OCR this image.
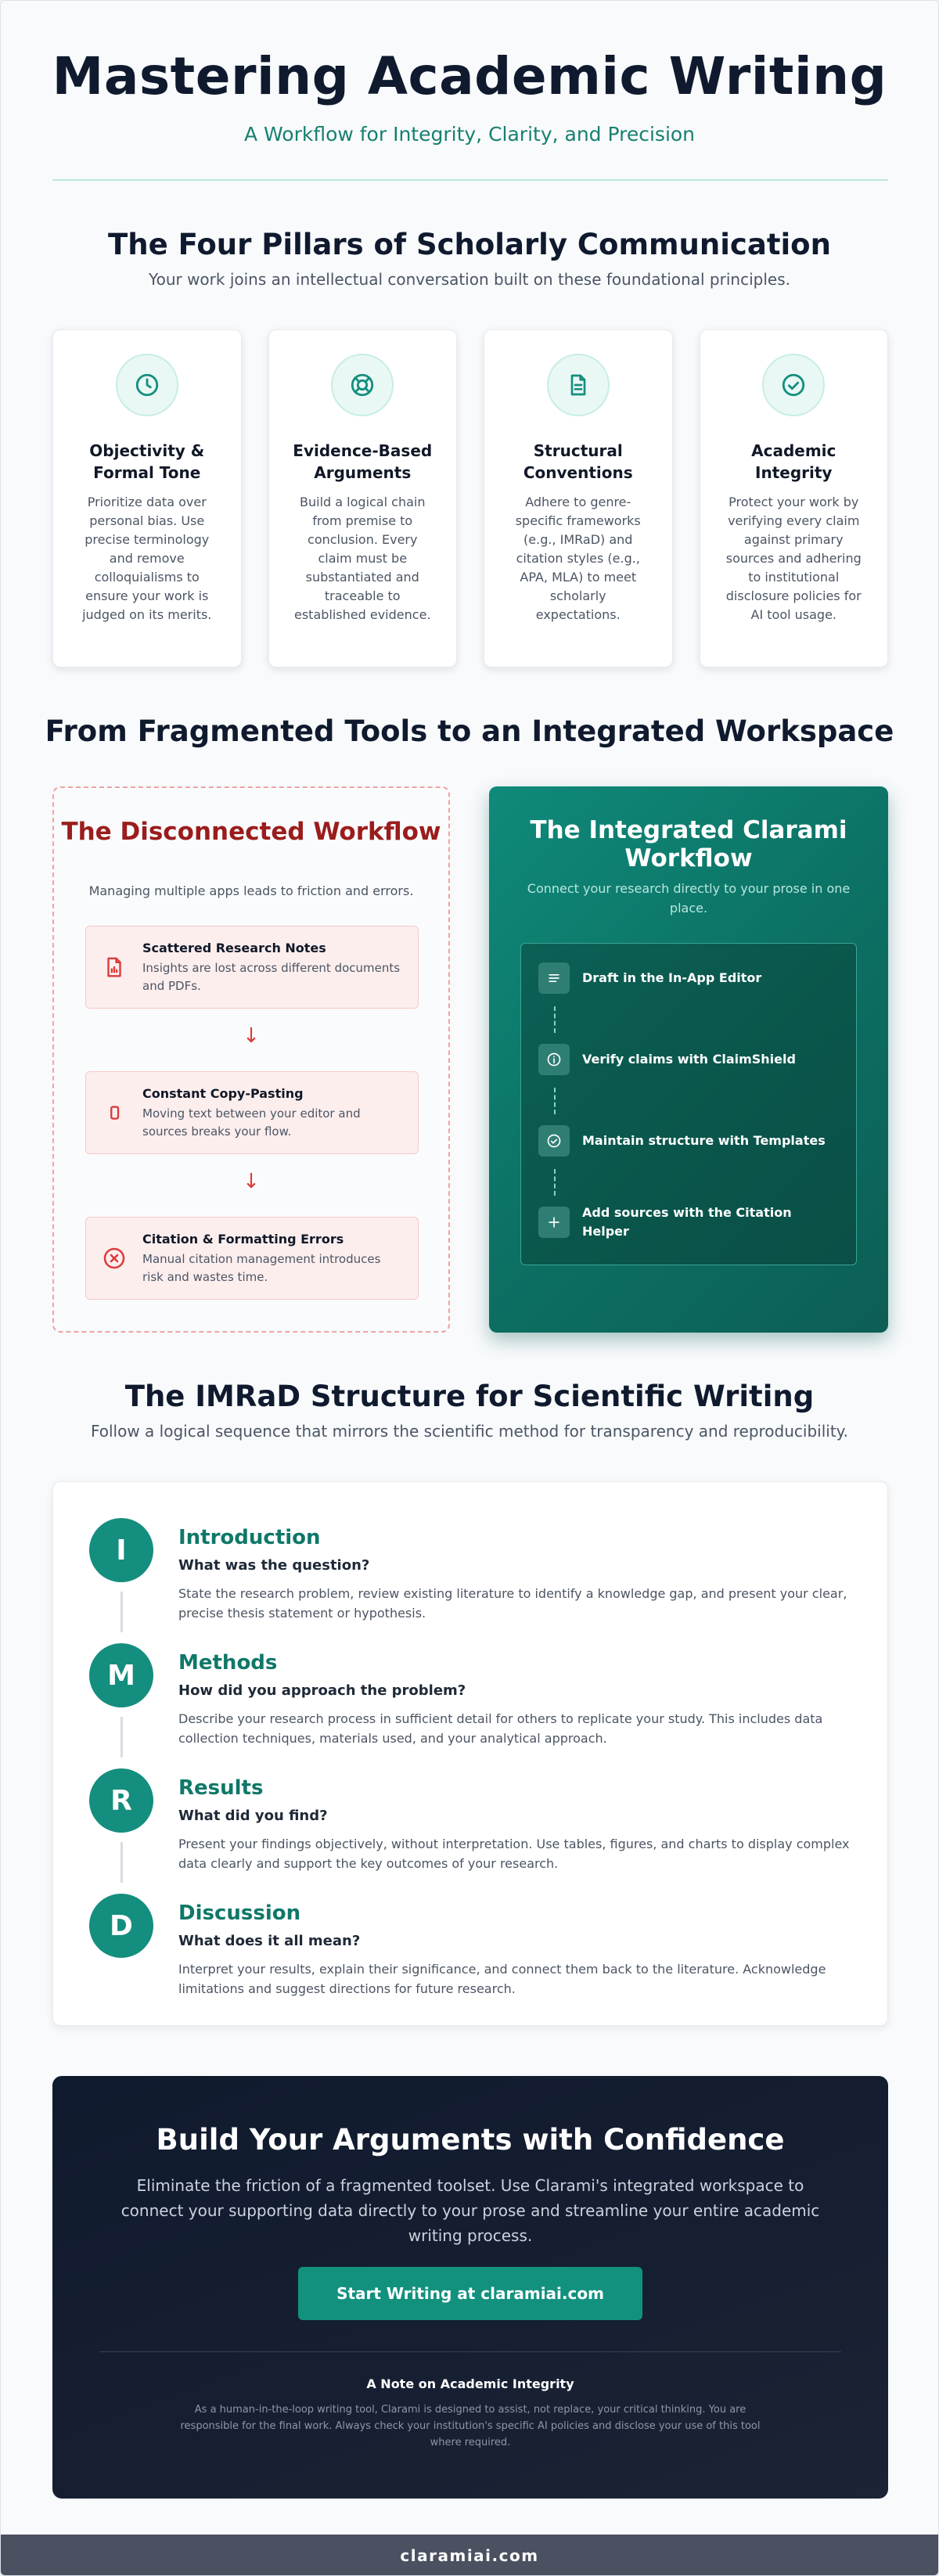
Mastering Academic Writing
A Workflow for Integrity, Clarity, and Precision
The Four Pillars of Scholarly Communication
Your work joins an intellectual conversation built on these foundational principles.
Objectivity & Formal Tone
Prioritize data over personal bias. Use precise terminology and remove colloquialisms to ensure your work is judged on its merits.
Evidence-Based Arguments
Build a logical chain from premise to conclusion. Every claim must be substantiated and traceable to established evidence.
Structural Conventions
Adhere to genre-specific frameworks (e.g., IMRaD) and citation styles (e.g., APA, MLA) to meet scholarly expectations.
Academic Integrity
Protect your work by verifying every claim against primary sources and adhering to institutional disclosure policies for AI tool usage.
From Fragmented Tools to an Integrated Workspace
The Disconnected Workflow
Managing multiple apps leads to friction and errors.
Scattered Research Notes
Insights are lost across different documents and PDFs.
↓
Constant Copy-Pasting
Moving text between your editor and sources breaks your flow.
↓
Citation & Formatting Errors
Manual citation management introduces risk and wastes time.
The Integrated Clarami Workflow
Connect your research directly to your prose in one place.
Draft in the In-App Editor
Verify claims with ClaimShield
Maintain structure with Templates
Add sources with the Citation Helper
The IMRaD Structure for Scientific Writing
Follow a logical sequence that mirrors the scientific method for transparency and reproducibility.
I	Introduction
What was the question?
State the research problem, review existing literature to identify a knowledge gap, and present your clear, precise thesis statement or hypothesis.
M	Methods
How did you approach the problem?
Describe your research process in sufficient detail for others to replicate your study. This includes data collection techniques, materials used, and your analytical approach.
R	Results
What did you find?
Present your findings objectively, without interpretation. Use tables, figures, and charts to display complex data clearly and support the key outcomes of your research.
D	Discussion
What does it all mean?
Interpret your results, explain their significance, and connect them back to the literature. Acknowledge limitations and suggest directions for future research.
Build Your Arguments with Confidence
Eliminate the friction of a fragmented toolset. Use Clarami's integrated workspace to connect your supporting data directly to your prose and streamline your entire academic writing process.
Start Writing at claramiai.com
A Note on Academic Integrity
As a human-in-the-loop writing tool, Clarami is designed to assist, not replace, your critical thinking. You are responsible for the final work. Always check your institution's specific AI policies and disclose your use of this tool where required.
claramiai.com
